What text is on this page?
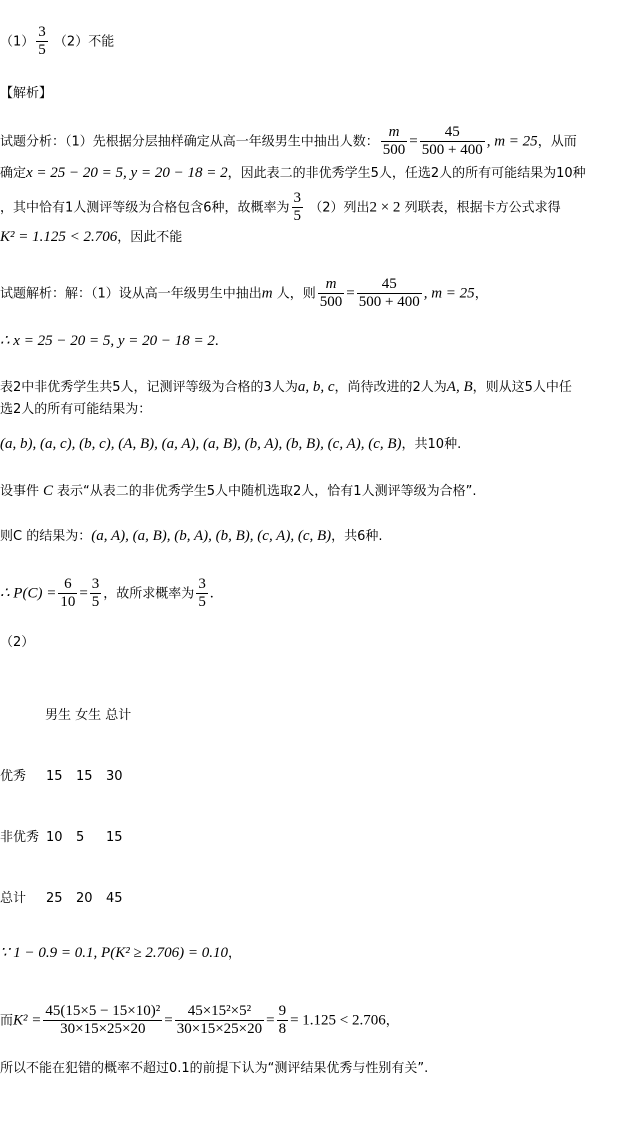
$(1) \frac{3}{5} (2)$不能
【解析】
试题分析：（1）先根据分层抽样确定从高一年级男生中抽出人数： $\frac{m}{500} = \frac{45}{500 + 400}$ , m = 25，从而
确定x = 25 − 20 = 5, y = 20 − 18 = 2，因此表二的非优秀学生5人，任选2人的所有可能结果为10种
，其中恰有1人测评等级为合格包含6种，故概率为 $\frac{3}{5} (2)$列出2 × 2 列联表，根据卡方公式求得
K² = 1.125 < 2.706，因此不能
试题解析：解：（1）设从高一年级男生中抽出m 人，则 $\frac{m}{500} = \frac{45}{500 + 400}$ , m = 25，
∴ x = 25 − 20 = 5, y = 20 − 18 = 2.
表2中非优秀学生共5人，记测评等级为合格的3人为a, b, c，尚待改进的2人为A, B，则从这5人中任
选2人的所有可能结果为：
(a, b), (a, c), (b, c), (A, B), (a, A), (a, B), (b, A), (b, B), (c, A), (c, B)，共10种.
设事件 C 表示“从表二的非优秀学生5人中随机选取2人，恰有1人测评等级为合格”.
则C 的结果为：(a, A), (a, B), (b, A), (b, B), (c, A), (c, B)，共6种.
∴ $P(C) = \frac{6}{10} = \frac{3}{5}$ ，故所求概率为 $\frac{3}{5}$ .
（2）
男生 女生 总计
优秀 15 15 30
非优秀 10 5 15
总计 25 20 45
∵ 1 − 0.9 = 0.1, P(K² ≥ 2.706) = 0.10，
而$K^2 = \frac{\text{45(15×5 − 15×10)²}}{30\times 15\times 25\times 20} = \frac{\text{45×15²×5²}}{30\times 15\times 25\times 20} = \frac{9}{8} = 1.125 < 2.706$，
所以不能在犯错的概率不超过0.1的前提下认为“测评结果优秀与性别有关”.
